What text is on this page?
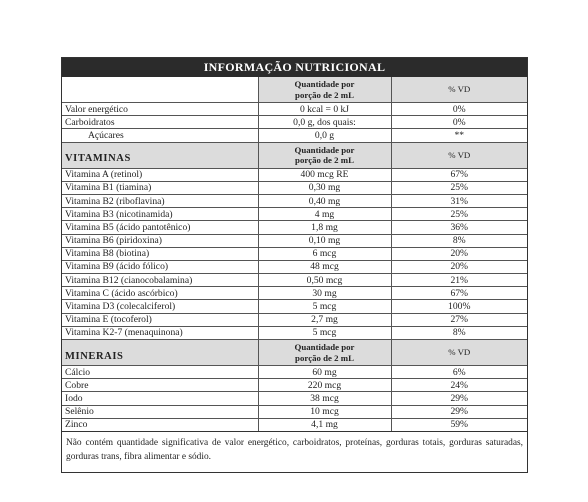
INFORMAÇÃO NUTRICIONAL

	Quantidade por
porção de 2 mL	% VD
Valor energético	0 kcal = 0 kJ	0%
Carboidratos	0,0 g, dos quais:	0%
Açúcares	0,0 g	**
VITAMINAS	Quantidade por
porção de 2 mL	% VD
Vitamina A (retinol)	400 mcg RE	67%
Vitamina B1 (tiamina)	0,30 mg	25%
Vitamina B2 (riboflavina)	0,40 mg	31%
Vitamina B3 (nicotinamida)	4 mg	25%
Vitamina B5 (ácido pantotênico)	1,8 mg	36%
Vitamina B6 (piridoxina)	0,10 mg	8%
Vitamina B8 (biotina)	6 mcg	20%
Vitamina B9 (ácido fólico)	48 mcg	20%
Vitamina B12 (cianocobalamina)	0,50 mcg	21%
Vitamina C (ácido ascórbico)	30 mg	67%
Vitamina D3 (colecalciferol)	5 mcg	100%
Vitamina E (tocoferol)	2,7 mg	27%
Vitamina K2-7 (menaquinona)	5 mcg	8%
MINERAIS	Quantidade por
porção de 2 mL	% VD
Cálcio	60 mg	6%
Cobre	220 mcg	24%
Iodo	38 mcg	29%
Selênio	10 mcg	29%
Zinco	4,1 mg	59%
Não contém quantidade significativa de valor energético, carboidratos, proteínas, gorduras totais, gorduras saturadas, gorduras trans, fibra alimentar e sódio.
